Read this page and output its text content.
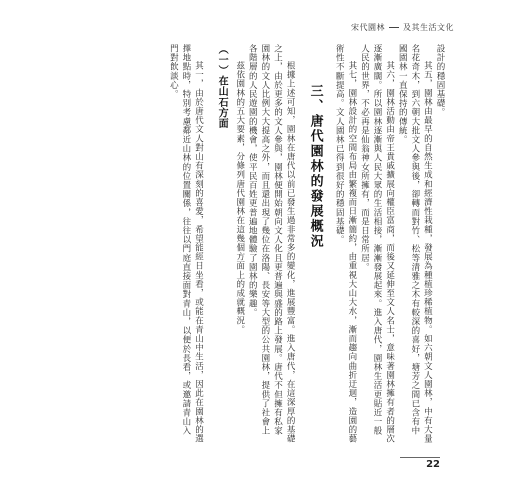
宋代園林 及其生活文化

設計的穩固基礎。

其五，園林由最早的自然生成和經濟性栽種，發展為種植珍稀植物。如六朝文人園林，中有大量名花奇木，到六朝大批文人參與後，卻轉而對竹、松等清雅之木有較深的喜好，塘芳之間已含有中國園林一直保持的傳統。

其六，園林活動由帝王貴戚擴展向權臣富商，而後又延伸至文人名士，意味著園林擁有者的層次逐漸廣闊。所以園林逐漸與人民大眾的生活相接，漸漸發展起來。進入唐代，園林生活更貼近一般人民的世界，不必再是仙翁神女所擁有，而是日常所居。

其七，園林設計的空間布局由繁複而日漸簡約，由重視大山大水，漸而趨向曲折迂迴，造園的藝術性不斷提高。文人園林已得到很好的穩固基礎。

三、唐代園林的發展概況

根據上述可知，園林在唐代以前已發生過非常多的變化，進展豐富。進入唐代，在這深厚的基礎之上，由於更多的文人參與，園林便開始朝向文人化且更普遍與盛的路上發展。唐代不但擁有私家園林的文人比例大大提高之外，而且還出現了幾位在洛陽、長安等大型的公共園林，提供了社會上各階層的人民遊園的機會，使平民百姓更普遍地體驗了園林的樂趣。

茲依園林的五大要素，分條列唐代園林在這幾個方面上的成就概況。

（一）在山石方面

其一，由於唐代文人對山有深刻的喜愛，希望能經日坐看，或能在青山中生活，因此在園林的選擇地點時，特別考慮鄰近山林的位置關係，往往以門庭直接面對青山，以便於長看，或邀請青山入門對飲談心。

22
